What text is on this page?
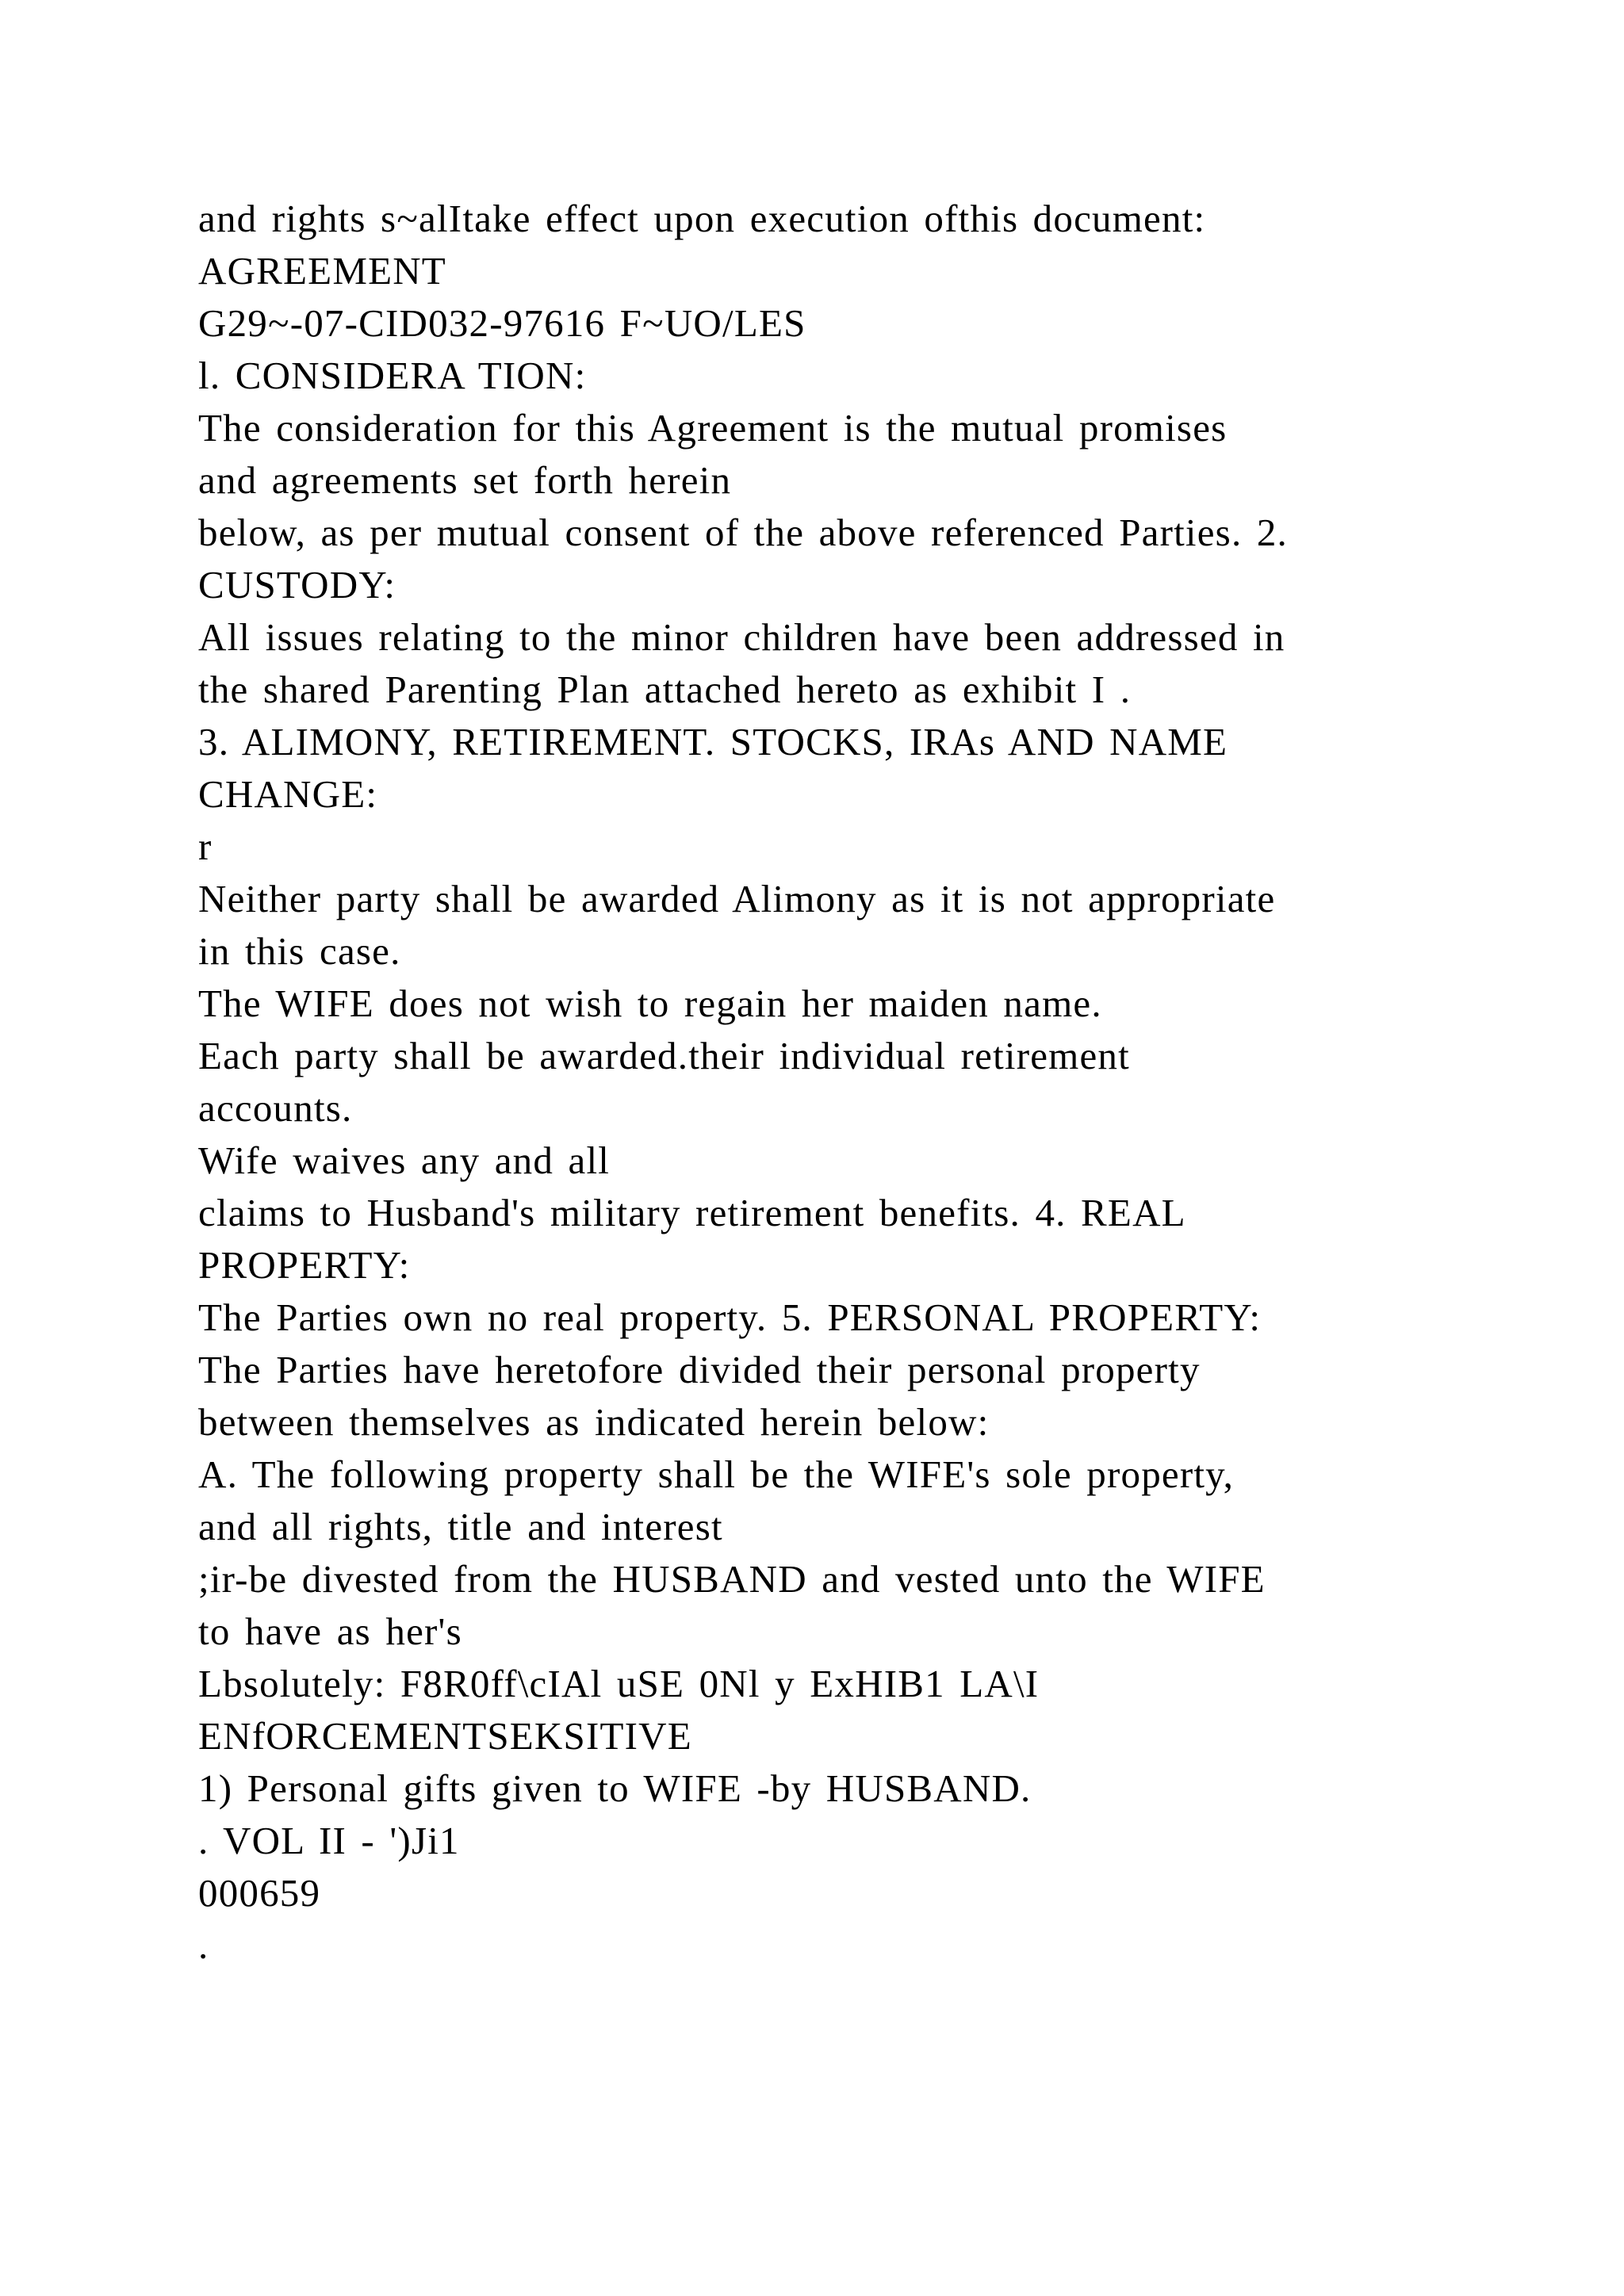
and rights s~alItake effect upon execution ofthis document:
AGREEMENT
G29~-07-CID032-97616 F~UO/LES
l. CONSIDERA TION:
The consideration for this Agreement is the mutual promises
and agreements set forth herein
below, as per mutual consent of the above referenced Parties. 2.
CUSTODY:
All issues relating to the minor children have been addressed in
the shared Parenting Plan attached hereto as exhibit I .
3. ALIMONY, RETIREMENT. STOCKS, IRAs AND NAME
CHANGE:
r
Neither party shall be awarded Alimony as it is not appropriate
in this case.
The WIFE does not wish to regain her maiden name.
Each party shall be awarded.their individual retirement
accounts.
Wife waives any and all
claims to Husband's military retirement benefits. 4. REAL
PROPERTY:
The Parties own no real property. 5. PERSONAL PROPERTY:
The Parties have heretofore divided their personal property
between themselves as indicated herein below:
A. The following property shall be the WIFE's sole property,
and all rights, title and interest
;ir-be divested from the HUSBAND and vested unto the WIFE
to have as her's
Lbsolutely: F8R0ff\cIAl uSE 0Nl y ExHIB1 LA\I
ENfORCEMENTSEKSITIVE
1) Personal gifts given to WIFE -by HUSBAND.
. VOL II - ')Ji1
000659
.
